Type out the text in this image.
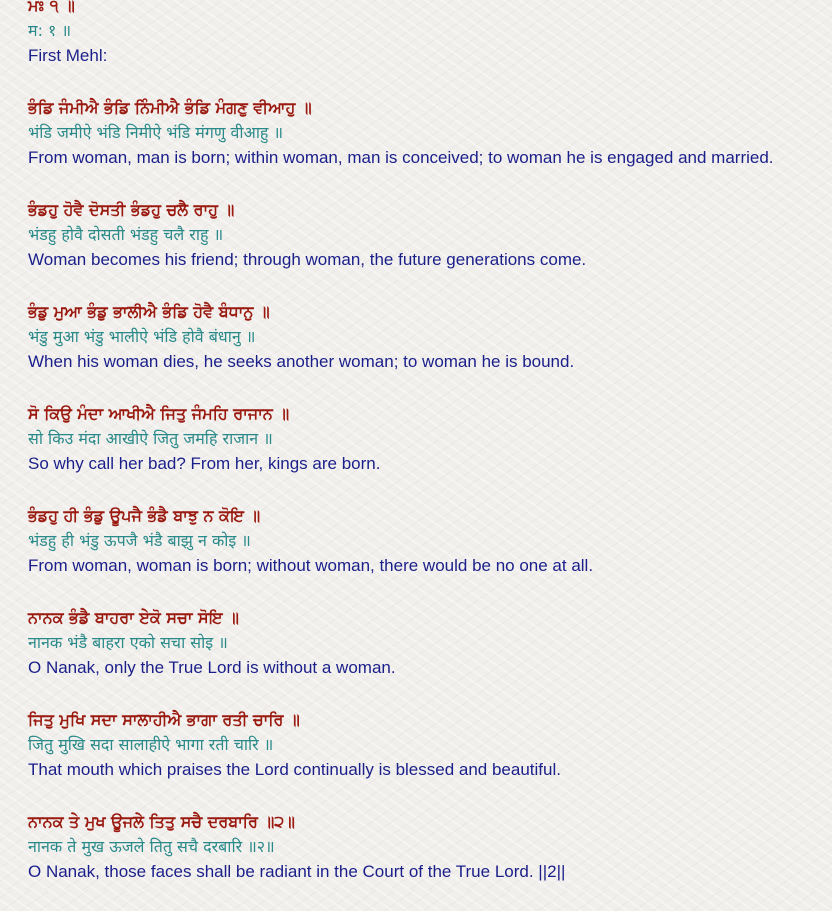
ਮਃ ੧ ॥
म: १ ॥
First Mehl:
ਭੰਡਿ ਜੰਮੀਐ ਭੰਡਿ ਨਿੰਮੀਐ ਭੰਡਿ ਮੰਗਣੁ ਵੀਆਹੁ ॥
भंडि जमीऐ भंडि निमीऐ भंडि मंगणु वीआहु ॥
From woman, man is born; within woman, man is conceived; to woman he is engaged and married.
ਭੰਡਹੁ ਹੋਵੈ ਦੋਸਤੀ ਭੰਡਹੁ ਚਲੈ ਰਾਹੁ ॥
भंडहु होवै दोसती भंडहु चलै राहु ॥
Woman becomes his friend; through woman, the future generations come.
ਭੰਡੁ ਮੁਆ ਭੰਡੁ ਭਾਲੀਐ ਭੰਡਿ ਹੋਵੈ ਬੰਧਾਨੁ ॥
भंडु मुआ भंडु भालीऐ भंडि होवै बंधानु ॥
When his woman dies, he seeks another woman; to woman he is bound.
ਸੋ ਕਿਉ ਮੰਦਾ ਆਖੀਐ ਜਿਤੁ ਜੰਮਹਿ ਰਾਜਾਨ ॥
सो किउ मंदा आखीऐ जितु जमहि राजान ॥
So why call her bad? From her, kings are born.
ਭੰਡਹੁ ਹੀ ਭੰਡੁ ਊਪਜੈ ਭੰਡੈ ਬਾਝੁ ਨ ਕੋਇ ॥
भंडहु ही भंडु ऊपजै भंडै बाझु न कोइ ॥
From woman, woman is born; without woman, there would be no one at all.
ਨਾਨਕ ਭੰਡੈ ਬਾਹਰਾ ਏਕੋ ਸਚਾ ਸੋਇ ॥
नानक भंडै बाहरा एको सचा सोइ ॥
O Nanak, only the True Lord is without a woman.
ਜਿਤੁ ਮੁਖਿ ਸਦਾ ਸਾਲਾਹੀਐ ਭਾਗਾ ਰਤੀ ਚਾਰਿ ॥
जितु मुखि सदा सालाहीऐ भागा रती चारि ॥
That mouth which praises the Lord continually is blessed and beautiful.
ਨਾਨਕ ਤੇ ਮੁਖ ਊਜਲੇ ਤਿਤੁ ਸਚੈ ਦਰਬਾਰਿ ॥੨॥
नानक ते मुख ऊजले तितु सचै दरबारि ॥२॥
O Nanak, those faces shall be radiant in the Court of the True Lord. ||2||
